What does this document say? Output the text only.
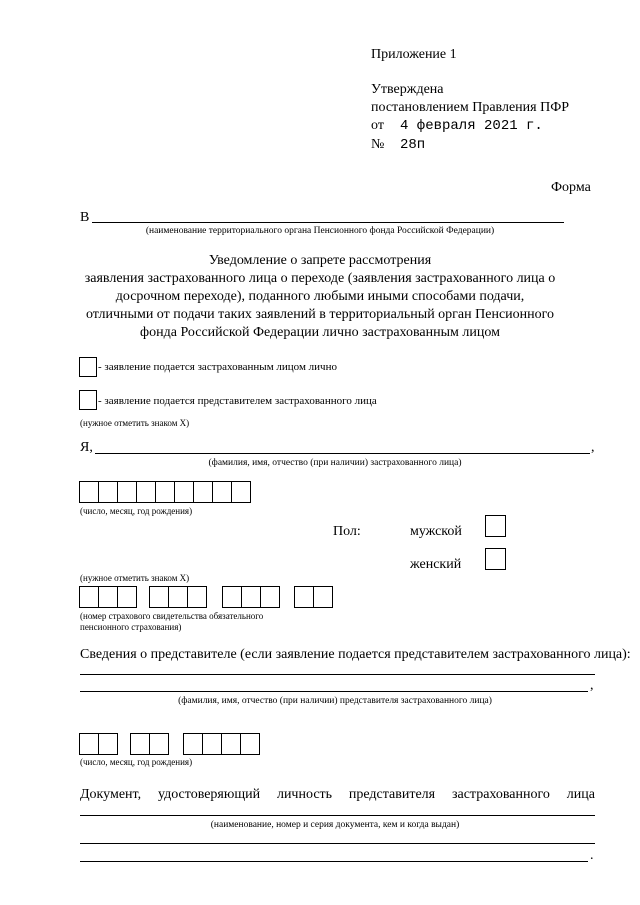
Приложение 1
Утверждена
постановлением Правления ПФР
от 4 февраля 2021 г.
№ 28п
Форма
В
(наименование территориального органа Пенсионного фонда Российской Федерации)
Уведомление о запрете рассмотрения
заявления застрахованного лица о переходе (заявления застрахованного лица о
досрочном переходе), поданного любыми иными способами подачи,
отличными от подачи таких заявлений в территориальный орган Пенсионного
фонда Российской Федерации лично застрахованным лицом
- заявление подается застрахованным лицом лично
- заявление подается представителем застрахованного лица
(нужное отметить знаком X)
Я,	,
(фамилия, имя, отчество (при наличии) застрахованного лица)
(число, месяц, год рождения)
Пол:	мужской
женский
(нужное отметить знаком X)
(номер страхового свидетельства обязательного
пенсионного страхования)
Сведения о представителе (если заявление подается представителем застрахованного лица):
,
(фамилия, имя, отчество (при наличии) представителя застрахованного лица)
(число, месяц, год рождения)
Документ, удостоверяющий личность представителя застрахованного лица
(наименование, номер и серия документа, кем и когда выдан)
.
